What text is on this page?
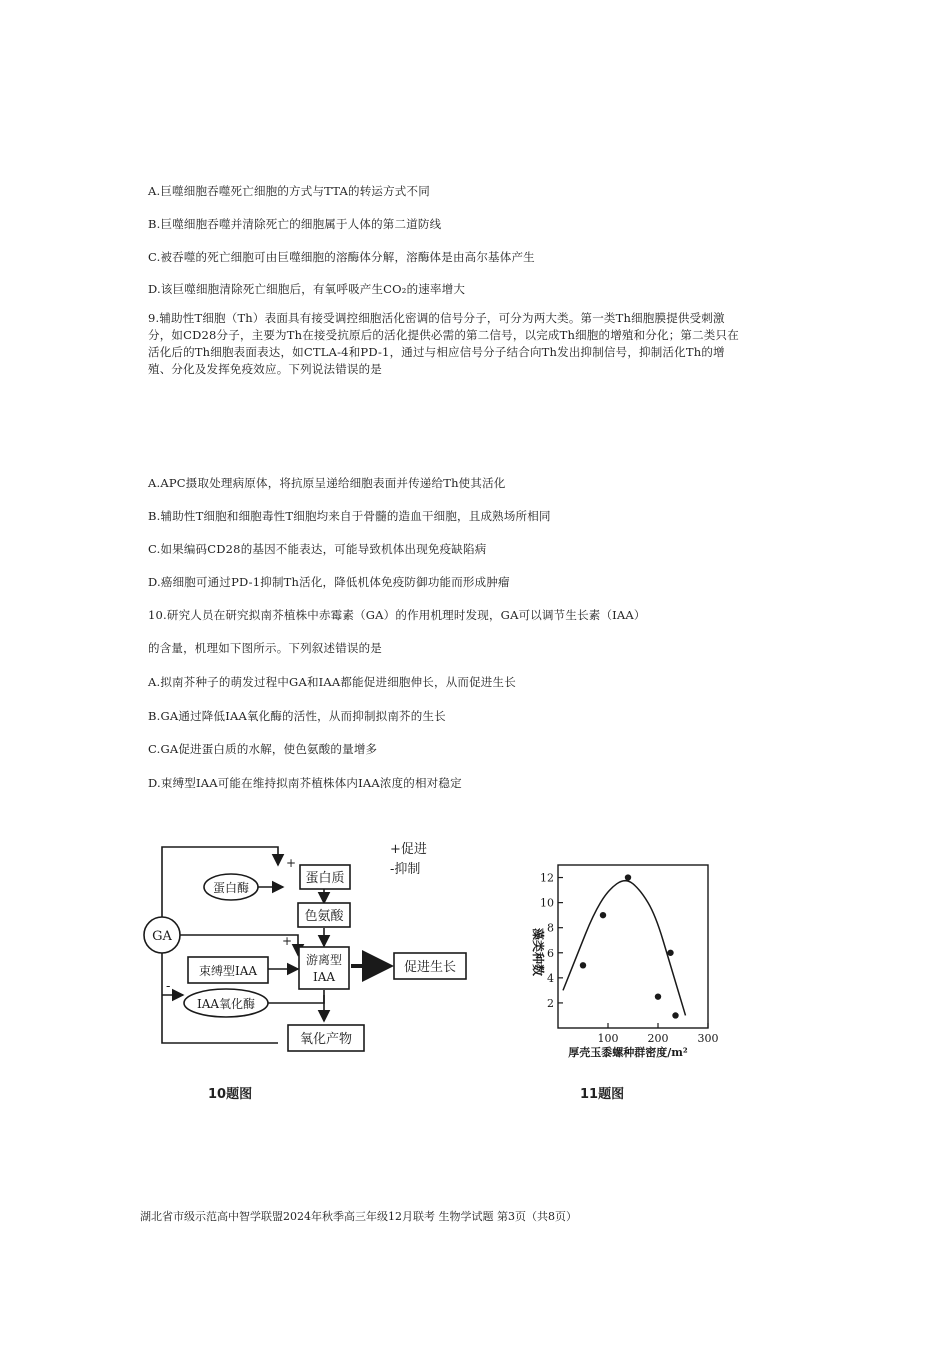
A.巨噬细胞吞噬死亡细胞的方式与TTA的转运方式不同
B.巨噬细胞吞噬并清除死亡的细胞属于人体的第二道防线
C.被吞噬的死亡细胞可由巨噬细胞的溶酶体分解，溶酶体是由高尔基体产生
D.该巨噬细胞清除死亡细胞后，有氧呼吸产生CO₂的速率增大
9.辅助性T细胞（Th）表面具有接受调控细胞活化密调的信号分子，可分为两大类。第一类Th细胞膜提供受刺激分，如CD28分子，主要为Th在接受抗原后的活化提供必需的第二信号，以完成Th细胞的增殖和分化；第二类只在活化后的Th细胞表面表达，如CTLA-4和PD-1，通过与相应信号分子结合向Th发出抑制信号，抑制活化Th的增殖、分化及发挥免疫效应。下列说法错误的是
A.APC摄取处理病原体，将抗原呈递给细胞表面并传递给Th使其活化
B.辅助性T细胞和细胞毒性T细胞均来自于骨髓的造血干细胞，且成熟场所相同
C.如果编码CD28的基因不能表达，可能导致机体出现免疫缺陷病
D.癌细胞可通过PD-1抑制Th活化，降低机体免疫防御功能而形成肿瘤
10.研究人员在研究拟南芥植株中赤霉素（GA）的作用机理时发现，GA可以调节生长素（IAA）
的含量，机理如下图所示。下列叙述错误的是
A.拟南芥种子的萌发过程中GA和IAA都能促进细胞伸长，从而促进生长
B.GA通过降低IAA氧化酶的活性，从而抑制拟南芥的生长
C.GA促进蛋白质的水解，使色氨酸的量增多
D.束缚型IAA可能在维持拟南芥植株体内IAA浓度的相对稳定
GA
蛋白质
蛋白酶
色氨酸
束缚型IAA
游离型
IAA
促进生长
IAA氧化酶
氧化产物
+
+
-
+促进
-抑制
10题图
2
4
6
8
10
12
100	200	300
藻类种数
厚壳玉黍螺种群密度/m²
11题图
湖北省市级示范高中智学联盟2024年秋季高三年级12月联考 生物学试题 第3页（共8页）
